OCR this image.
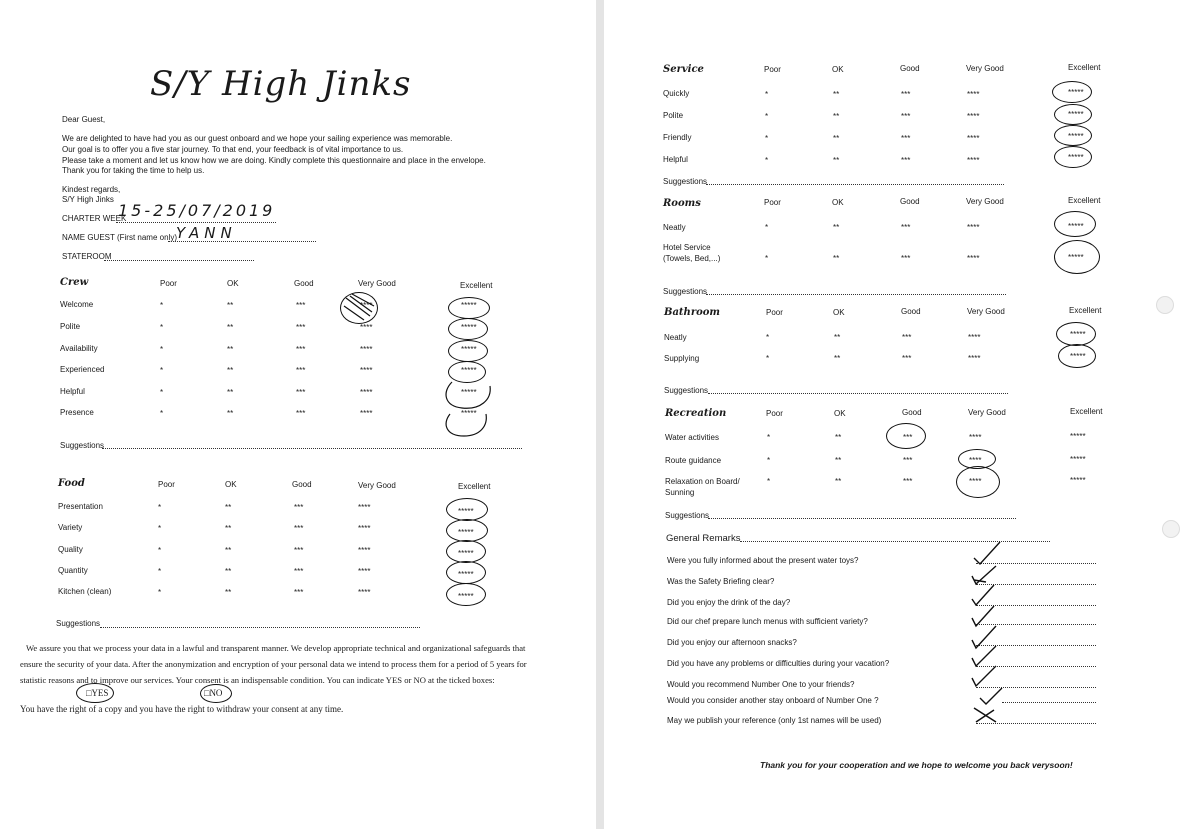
S/Y High Jinks
Dear Guest,
We are delighted to have had you as our guest onboard and we hope your sailing experience was memorable.
Our goal is to offer you a five star journey. To that end, your feedback is of vital importance to us.
Please take a moment and let us know how we are doing. Kindly complete this questionnaire and place in the envelope.
Thank you for taking the time to help us.
Kindest regards,
S/Y High Jinks
CHARTER WEEK
15-25/07/2019
NAME GUEST (First name only) YANN
STATEROOM
Crew	Poor	OK	Good	Very Good	Excellent
Welcome	*	**	***	****	*****
Polite	*	**	***	****	*****
Availability	*	**	***	****	*****
Experienced	*	**	***	****	*****
Helpful	*	**	***	****	*****
Presence	*	**	***	****	*****
Suggestions
Food	Poor	OK	Good	Very Good	Excellent
Presentation	*	**	***	****	*****
Variety	*	**	***	****	*****
Quality	*	**	***	****	*****
Quantity	*	**	***	****	*****
Kitchen (clean)	*	**	***	****	*****
Suggestions
We assure you that we process your data in a lawful and transparent manner. We develop appropriate technical and organizational safeguards that
ensure the security of your data. After the anonymization and encryption of your personal data we intend to process them for a period of 5 years for
statistic reasons and to improve our services. Your consent is an indispensable condition. You can indicate YES or NO at the ticked boxes:
□YES	□NO
You have the right of a copy and you have the right to withdraw your consent at any time.
Service	Poor	OK	Good	Very Good	Excellent
Quickly	*	**	***	****	*****
Polite	*	**	***	****	*****
Friendly	*	**	***	****	*****
Helpful	*	**	***	****	*****
Suggestions
Rooms	Poor	OK	Good	Very Good	Excellent
Neatly	*	**	***	****	*****
Hotel Service
(Towels, Bed,...)	*	**	***	****	*****
Suggestions
Bathroom	Poor	OK	Good	Very Good	Excellent
Neatly	*	**	***	****	*****
Supplying	*	**	***	****	*****
Suggestions
Recreation	Poor	OK	Good	Very Good	Excellent
Water activities	*	**	***	****	*****
Route guidance	*	**	***	****	*****
Relaxation on Board/
Sunning
*	**	***	****	*****
Suggestions
General Remarks
Were you fully informed about the present water toys?
Was the Safety Briefing clear?
Did you enjoy the drink of the day?
Did our chef prepare lunch menus with sufficient variety?
Did you enjoy our afternoon snacks?
Did you have any problems or difficulties during your vacation?
Would you recommend Number One to your friends?
Would you consider another stay onboard of Number One ?
May we publish your reference (only 1st names will be used)
Thank you for your cooperation and we hope to welcome you back verysoon!
